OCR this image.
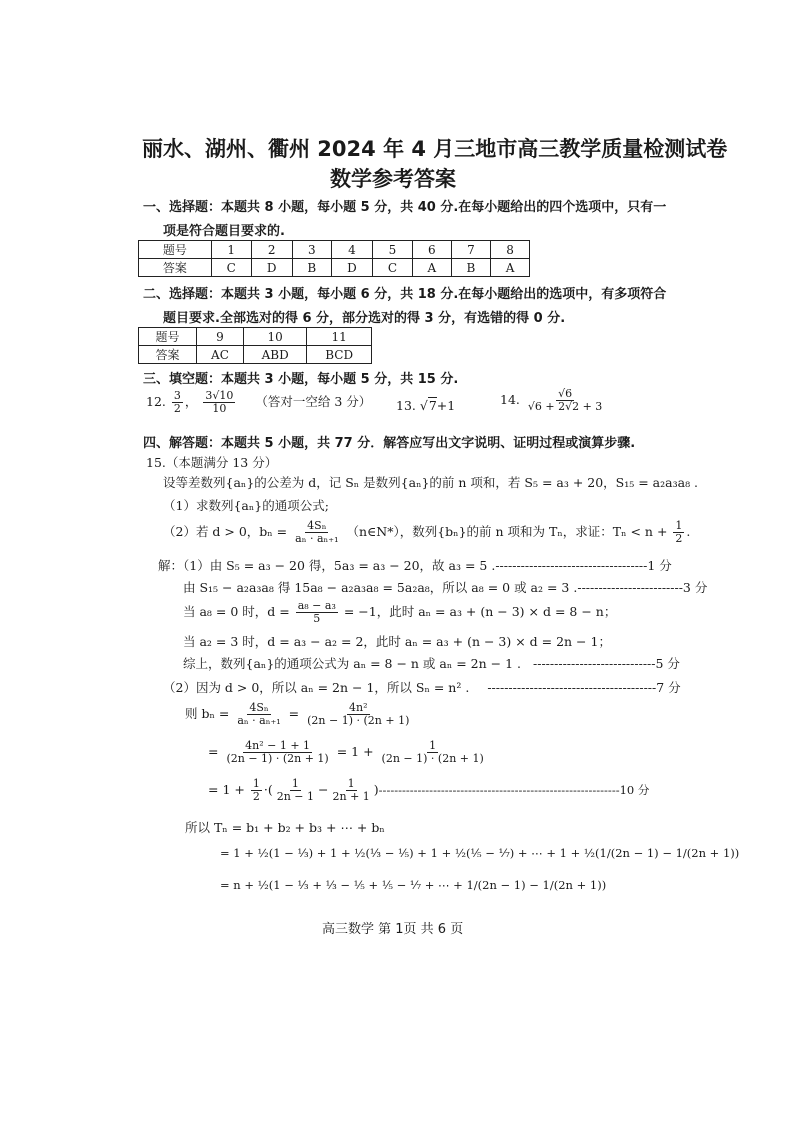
丽水、湖州、衢州 2024 年 4 月三地市高三教学质量检测试卷
数学参考答案
一、选择题：本题共 8 小题，每小题 5 分，共 40 分.在每小题给出的四个选项中，只有一
项是符合题目要求的.
题号	1	2	3	4	5	6	7	8
答案	C	D	B	D	C	A	B	A
二、选择题：本题共 3 小题，每小题 6 分，共 18 分.在每小题给出的选项中，有多项符合
题目要求.全部选对的得 6 分，部分选对的得 3 分，有选错的得 0 分.
题号	9	10	11
答案	AC	ABD	BCD
三、填空题：本题共 3 小题，每小题 5 分，共 15 分.
12. $\frac{3}{2}$ ， $\frac{3√10}{10}$ （答对一空给 3 分） 13. √7+1	14. $\frac{√6}{√6 + 2√2 + 3}$
四、解答题：本题共 5 小题，共 77 分．解答应写出文字说明、证明过程或演算步骤.
15.（本题满分 13 分）
设等差数列{aₙ}的公差为 d，记 Sₙ 是数列{aₙ}的前 n 项和，若 S₅ = a₃ + 20，S₁₅ = a₂a₃a₈ .
（1）求数列{aₙ}的通项公式;
（2）若 d > 0，$b_n = \frac{\text{4Sₙ}}{\text{aₙ · aₙ₊₁}}$ （n∈N*），数列{bₙ}的前 n 项和为 Tₙ，求证：$T_n < n + \frac{1}{2}$ .
解：（1）由 S₅ = a₃ − 20 得，5a₃ = a₃ − 20，故 a₃ = 5 .------------------------------------1 分
由 S₁₅ − a₂a₃a₈ 得 15a₈ − a₂a₃a₈ = 5a₂a₈，所以 a₈ = 0 或 a₂ = 3 .-------------------------3 分
当 a₈ = 0 时，$d = \frac{\text{a₈ − a₃}}{5} = -1$，此时 aₙ = a₃ + (n − 3) × d = 8 − n；
当 a₂ = 3 时，d = a₃ − a₂ = 2，此时 aₙ = a₃ + (n − 3) × d = 2n − 1；
综上，数列{aₙ}的通项公式为 aₙ = 8 − n 或 aₙ = 2n − 1 . -----------------------------5 分
（2）因为 d > 0，所以 aₙ = 2n − 1，所以 Sₙ = n² . ----------------------------------------7 分
则 $b_n = \frac{\text{4Sₙ}}{\text{aₙ · aₙ₊₁}} = \frac{\text{4n²}}{(2n - 1) \cdot (2n + 1)}$
= $\frac{\text{4n² − 1 + 1}}{(2n - 1) \cdot (2n + 1)} = 1 + \frac{1}{(2n - 1) \cdot (2n + 1)}$
= $1 + \frac{1}{2}$ ·( $\frac{1}{2n - 1} - \frac{1}{2n + 1} )--------------------------------------------------------------10$ 分
所以 Tₙ = b₁ + b₂ + b₃ + ⋯ + bₙ
= 1 + ½(1 − ⅓) + 1 + ½(⅓ − ⅕) + 1 + ½(⅕ − ⅐) + ⋯ + 1 + ½(1/(2n − 1) − 1/(2n + 1))
= n + ½(1 − ⅓ + ⅓ − ⅕ + ⅕ − ⅐ + ⋯ + 1/(2n − 1) − 1/(2n + 1))
高三数学 第 1页 共 6 页
